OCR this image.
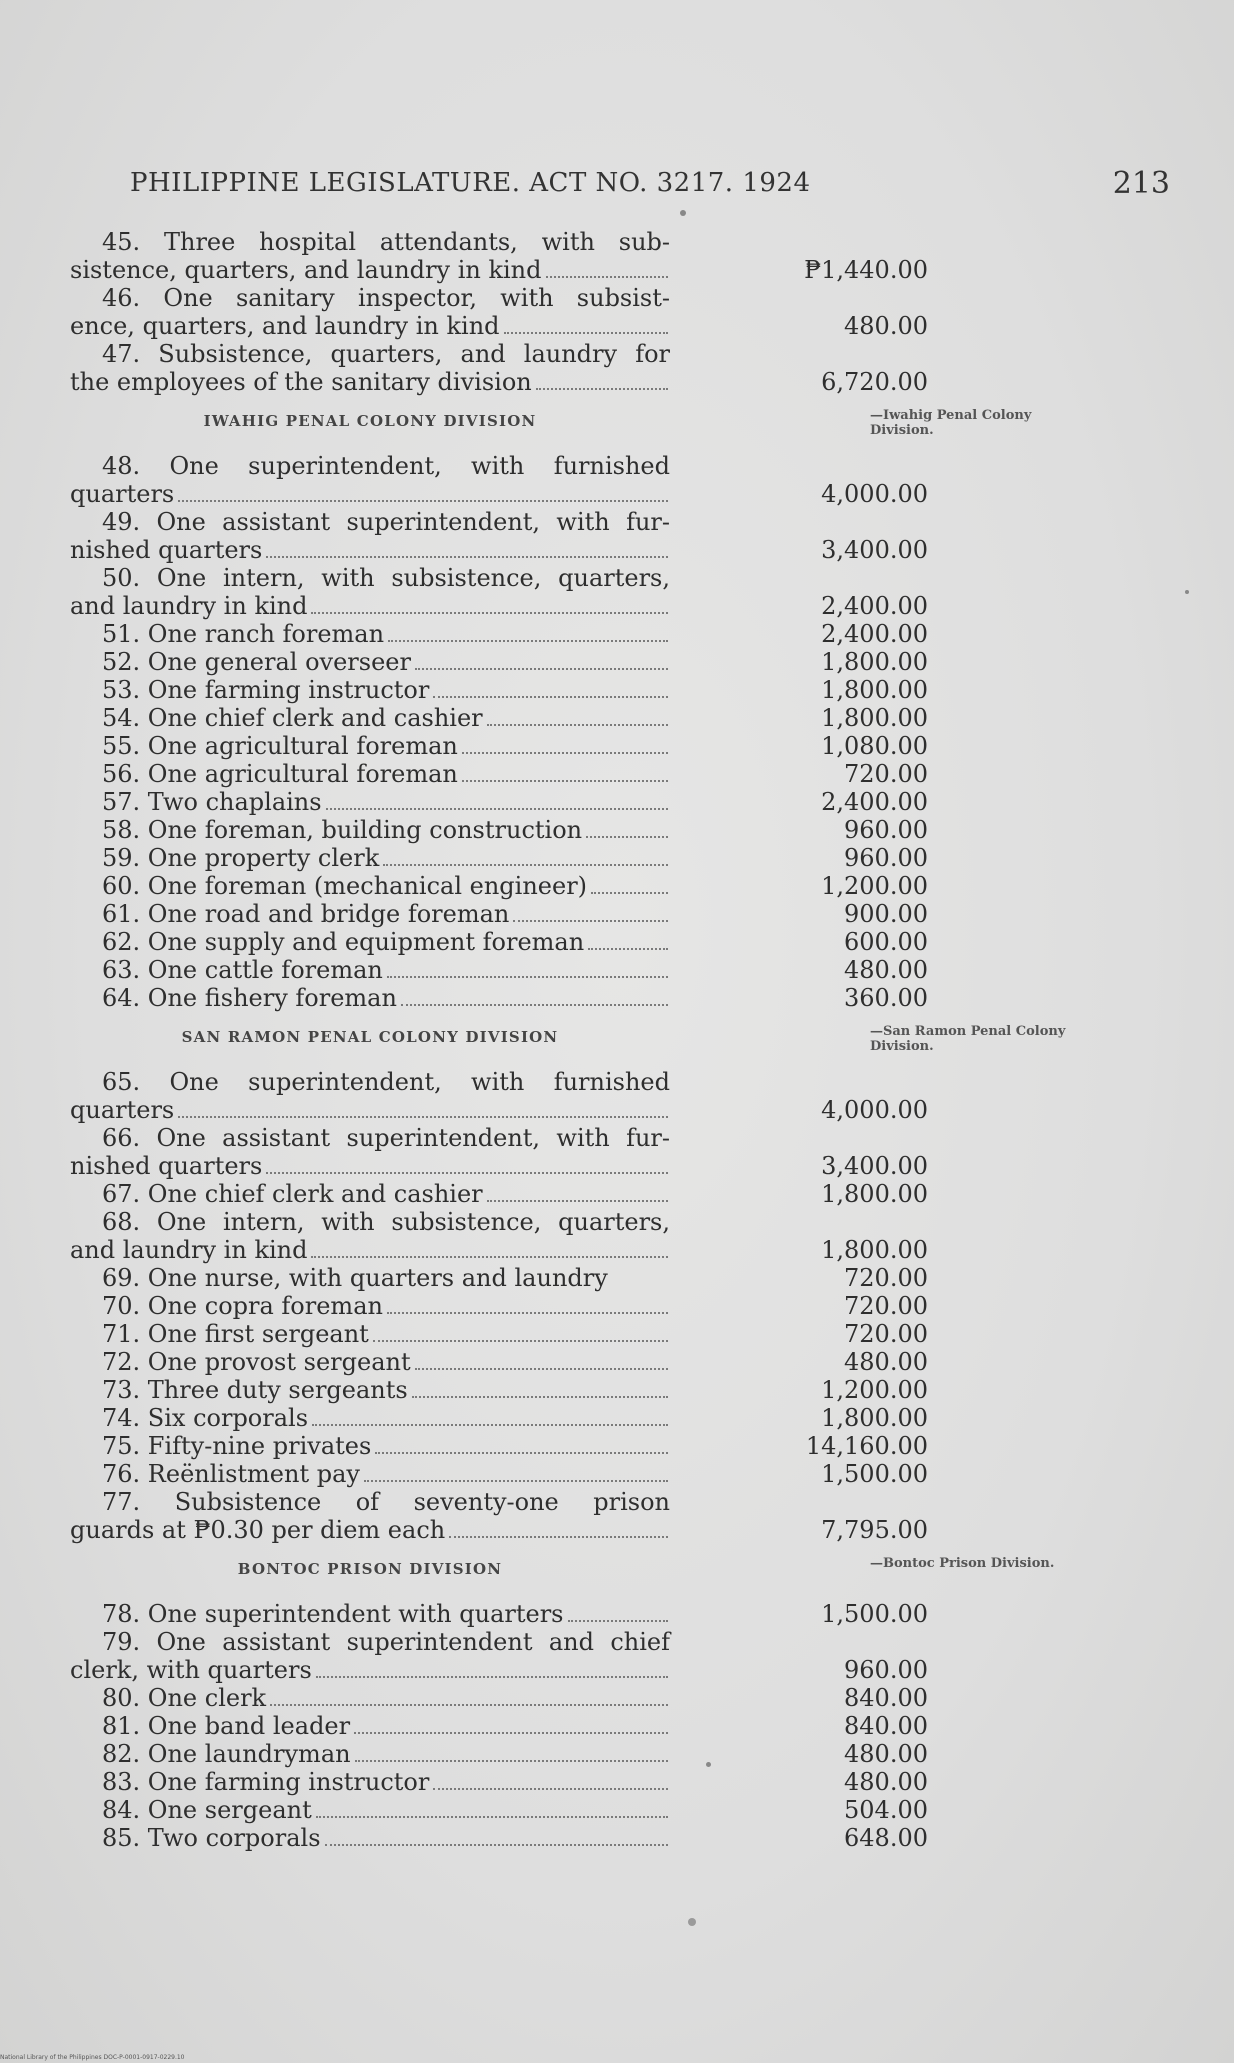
PHILIPPINE LEGISLATURE. ACT NO. 3217. 1924	213
45. Three hospital attendants, with sub-
sistence, quarters, and laundry in kind	₱1,440.00
46. One sanitary inspector, with subsist-
ence, quarters, and laundry in kind	480.00
47. Subsistence, quarters, and laundry for
the employees of the sanitary division	6,720.00
IWAHIG PENAL COLONY DIVISION	—Iwahig Penal Colony Division.
48. One superintendent, with furnished
quarters	4,000.00
49. One assistant superintendent, with fur-
nished quarters	3,400.00
50. One intern, with subsistence, quarters,
and laundry in kind	2,400.00
51. One ranch foreman	2,400.00
52. One general overseer	1,800.00
53. One farming instructor	1,800.00
54. One chief clerk and cashier	1,800.00
55. One agricultural foreman	1,080.00
56. One agricultural foreman	720.00
57. Two chaplains	2,400.00
58. One foreman, building construction	960.00
59. One property clerk	960.00
60. One foreman (mechanical engineer)	1,200.00
61. One road and bridge foreman	900.00
62. One supply and equipment foreman	600.00
63. One cattle foreman	480.00
64. One fishery foreman	360.00
SAN RAMON PENAL COLONY DIVISION	—San Ramon Penal Colony Division.
65. One superintendent, with furnished
quarters	4,000.00
66. One assistant superintendent, with fur-
nished quarters	3,400.00
67. One chief clerk and cashier	1,800.00
68. One intern, with subsistence, quarters,
and laundry in kind	1,800.00
69. One nurse, with quarters and laundry	720.00
70. One copra foreman	720.00
71. One first sergeant	720.00
72. One provost sergeant	480.00
73. Three duty sergeants	1,200.00
74. Six corporals	1,800.00
75. Fifty-nine privates	14,160.00
76. Reënlistment pay	1,500.00
77. Subsistence of seventy-one prison
guards at ₱0.30 per diem each	7,795.00
BONTOC PRISON DIVISION	—Bontoc Prison Division.
78. One superintendent with quarters	1,500.00
79. One assistant superintendent and chief
clerk, with quarters	960.00
80. One clerk	840.00
81. One band leader	840.00
82. One laundryman	480.00
83. One farming instructor	480.00
84. One sergeant	504.00
85. Two corporals	648.00
National Library of the Philippines DOC-P-0001-0917-0229.10
